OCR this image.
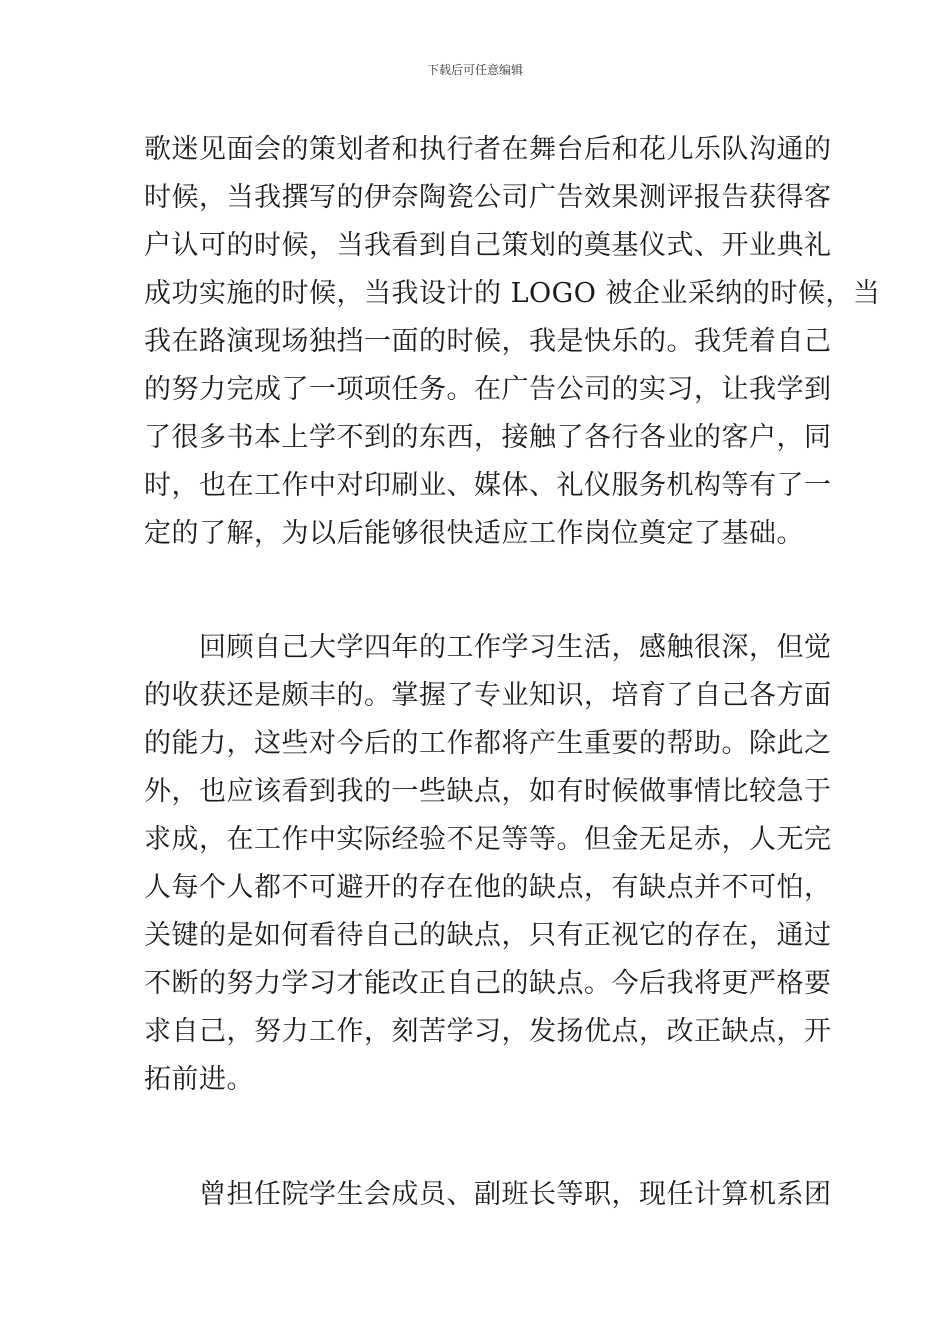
下载后可任意编辑
歌迷见面会的策划者和执行者在舞台后和花儿乐队沟通的
时候，当我撰写的伊奈陶瓷公司广告效果测评报告获得客
户认可的时候，当我看到自己策划的奠基仪式、开业典礼
成功实施的时候，当我设计的 LOGO 被企业采纳的时候，当
我在路演现场独挡一面的时候，我是快乐的。我凭着自己
的努力完成了一项项任务。在广告公司的实习，让我学到
了很多书本上学不到的东西，接触了各行各业的客户，同
时，也在工作中对印刷业、媒体、礼仪服务机构等有了一
定的了解，为以后能够很快适应工作岗位奠定了基础。
　　回顾自己大学四年的工作学习生活，感触很深，但觉
的收获还是颇丰的。掌握了专业知识，培育了自己各方面
的能力，这些对今后的工作都将产生重要的帮助。除此之
外，也应该看到我的一些缺点，如有时候做事情比较急于
求成，在工作中实际经验不足等等。但金无足赤，人无完
人每个人都不可避开的存在他的缺点，有缺点并不可怕，
关键的是如何看待自己的缺点，只有正视它的存在，通过
不断的努力学习才能改正自己的缺点。今后我将更严格要
求自己，努力工作，刻苦学习，发扬优点，改正缺点，开
拓前进。
　　曾担任院学生会成员、副班长等职，现任计算机系团
